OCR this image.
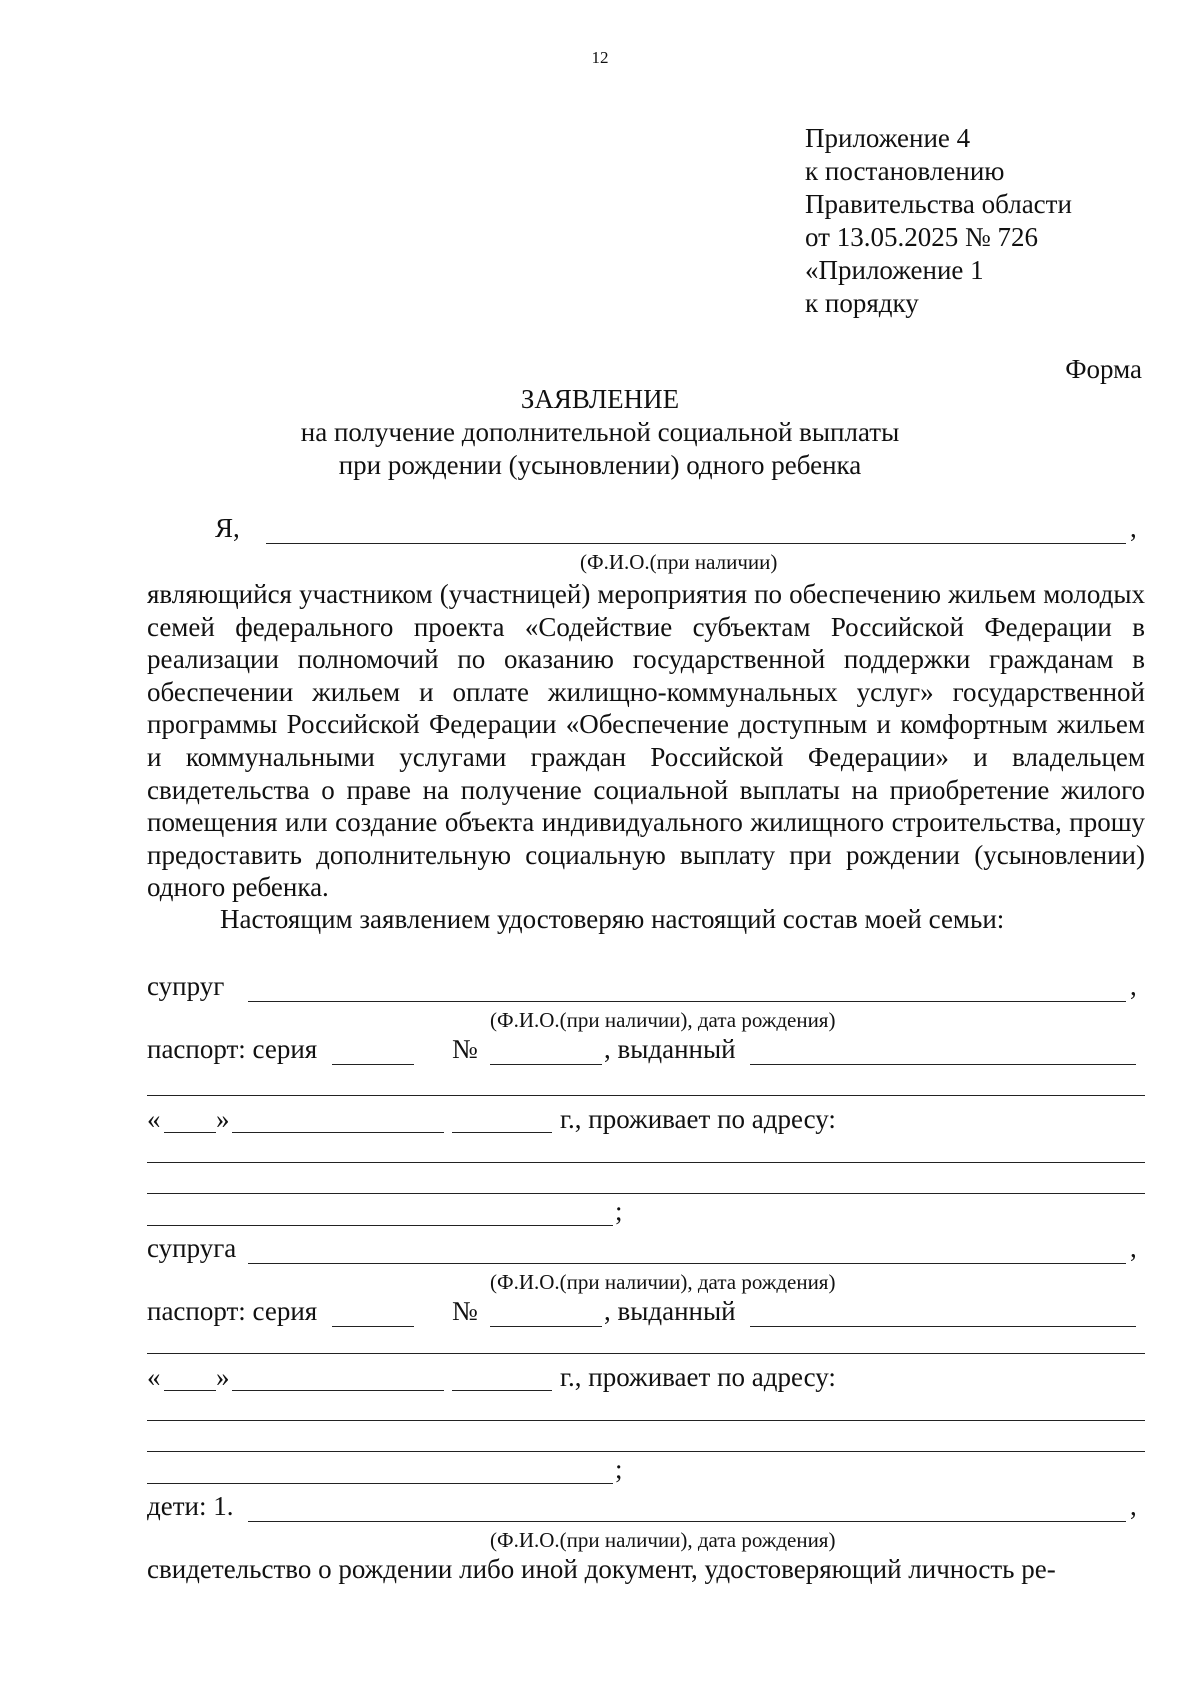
12
Приложение 4
к постановлению
Правительства области
от 13.05.2025 № 726
«Приложение 1
к порядку
Форма
ЗАЯВЛЕНИЕ
на получение дополнительной социальной выплаты
при рождении (усыновлении) одного ребенка
Я,	,
(Ф.И.О.(при наличии)
являющийся участником (участницей) мероприятия по обеспечению жильем молодых семей федерального проекта «Содействие субъектам Российской Федерации в реализации полномочий по оказанию государственной поддержки гражданам в обеспечении жильем и оплате жилищно-коммунальных услуг» государственной программы Российской Федерации «Обеспечение доступным и комфортным жильем и коммунальными услугами граждан Российской Федерации» и владельцем свидетельства о праве на получение социальной выплаты на приобретение жилого помещения или создание объекта индивидуального жилищного строительства, прошу предоставить дополнительную социальную выплату при рождении (усыновлении) одного ребенка.
Настоящим заявлением удостоверяю настоящий состав моей семьи:
супруг	,
(Ф.И.О.(при наличии), дата рождения)
паспорт: серия	№	, выданный
« »	г., проживает по адресу:
;
супруга	,
(Ф.И.О.(при наличии), дата рождения)
паспорт: серия	№	, выданный
« »	г., проживает по адресу:
;
дети: 1.	,
(Ф.И.О.(при наличии), дата рождения)
свидетельство о рождении либо иной документ, удостоверяющий личность ре-
